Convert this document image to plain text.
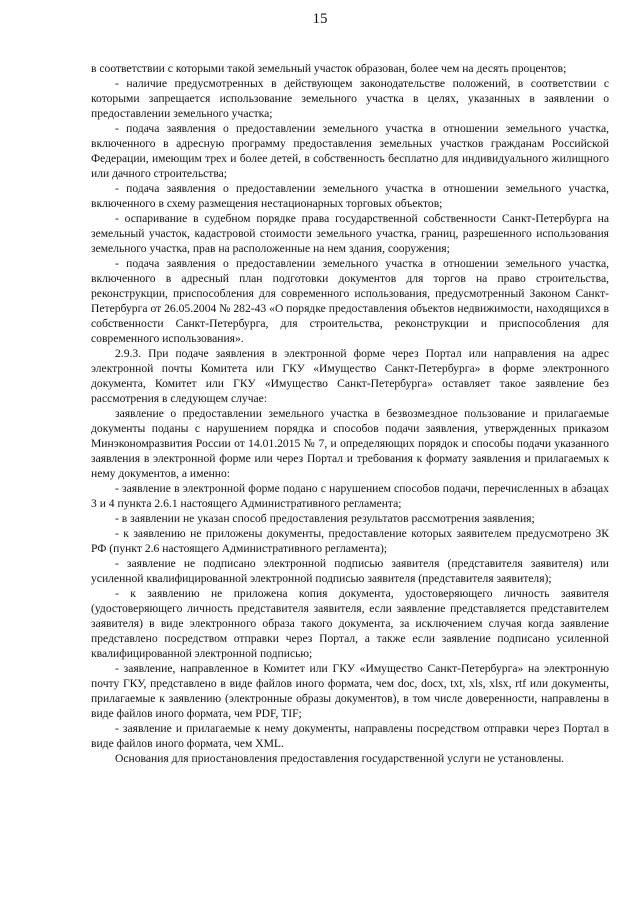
15

в соответствии с которыми такой земельный участок образован, более чем на десять процентов;

- наличие предусмотренных в действующем законодательстве положений, в соответствии с которыми запрещается использование земельного участка в целях, указанных в заявлении о предоставлении земельного участка;

- подача заявления о предоставлении земельного участка в отношении земельного участка, включенного в адресную программу предоставления земельных участков гражданам Российской Федерации, имеющим трех и более детей, в собственность бесплатно для индивидуального жилищного или дачного строительства;

- подача заявления о предоставлении земельного участка в отношении земельного участка, включенного в схему размещения нестационарных торговых объектов;

- оспаривание в судебном порядке права государственной собственности Санкт-Петербурга на земельный участок, кадастровой стоимости земельного участка, границ, разрешенного использования земельного участка, прав на расположенные на нем здания, сооружения;

- подача заявления о предоставлении земельного участка в отношении земельного участка, включенного в адресный план подготовки документов для торгов на право строительства, реконструкции, приспособления для современного использования, предусмотренный Законом Санкт-Петербурга от 26.05.2004 № 282-43 «О порядке предоставления объектов недвижимости, находящихся в собственности Санкт-Петербурга, для строительства, реконструкции и приспособления для современного использования».

2.9.3. При подаче заявления в электронной форме через Портал или направления на адрес электронной почты Комитета или ГКУ «Имущество Санкт-Петербурга» в форме электронного документа, Комитет или ГКУ «Имущество Санкт-Петербурга» оставляет такое заявление без рассмотрения в следующем случае:

заявление о предоставлении земельного участка в безвозмездное пользование и прилагаемые документы поданы с нарушением порядка и способов подачи заявления, утвержденных приказом Минэкономразвития России от 14.01.2015 № 7, и определяющих порядок и способы подачи указанного заявления в электронной форме или через Портал и требования к формату заявления и прилагаемых к нему документов, а именно:

- заявление в электронной форме подано с нарушением способов подачи, перечисленных в абзацах 3 и 4 пункта 2.6.1 настоящего Административного регламента;

- в заявлении не указан способ предоставления результатов рассмотрения заявления;

- к заявлению не приложены документы, предоставление которых заявителем предусмотрено ЗК РФ (пункт 2.6 настоящего Административного регламента);

- заявление не подписано электронной подписью заявителя (представителя заявителя) или усиленной квалифицированной электронной подписью заявителя (представителя заявителя);

- к заявлению не приложена копия документа, удостоверяющего личность заявителя (удостоверяющего личность представителя заявителя, если заявление представляется представителем заявителя) в виде электронного образа такого документа, за исключением случая когда заявление представлено посредством отправки через Портал, а также если заявление подписано усиленной квалифицированной электронной подписью;

- заявление, направленное в Комитет или ГКУ «Имущество Санкт-Петербурга» на электронную почту ГКУ, представлено в виде файлов иного формата, чем doc, docx, txt, xls, xlsx, rtf или документы, прилагаемые к заявлению (электронные образы документов), в том числе доверенности, направлены в виде файлов иного формата, чем PDF, TIF;

- заявление и прилагаемые к нему документы, направлены посредством отправки через Портал в виде файлов иного формата, чем XML.

Основания для приостановления предоставления государственной услуги не установлены.
